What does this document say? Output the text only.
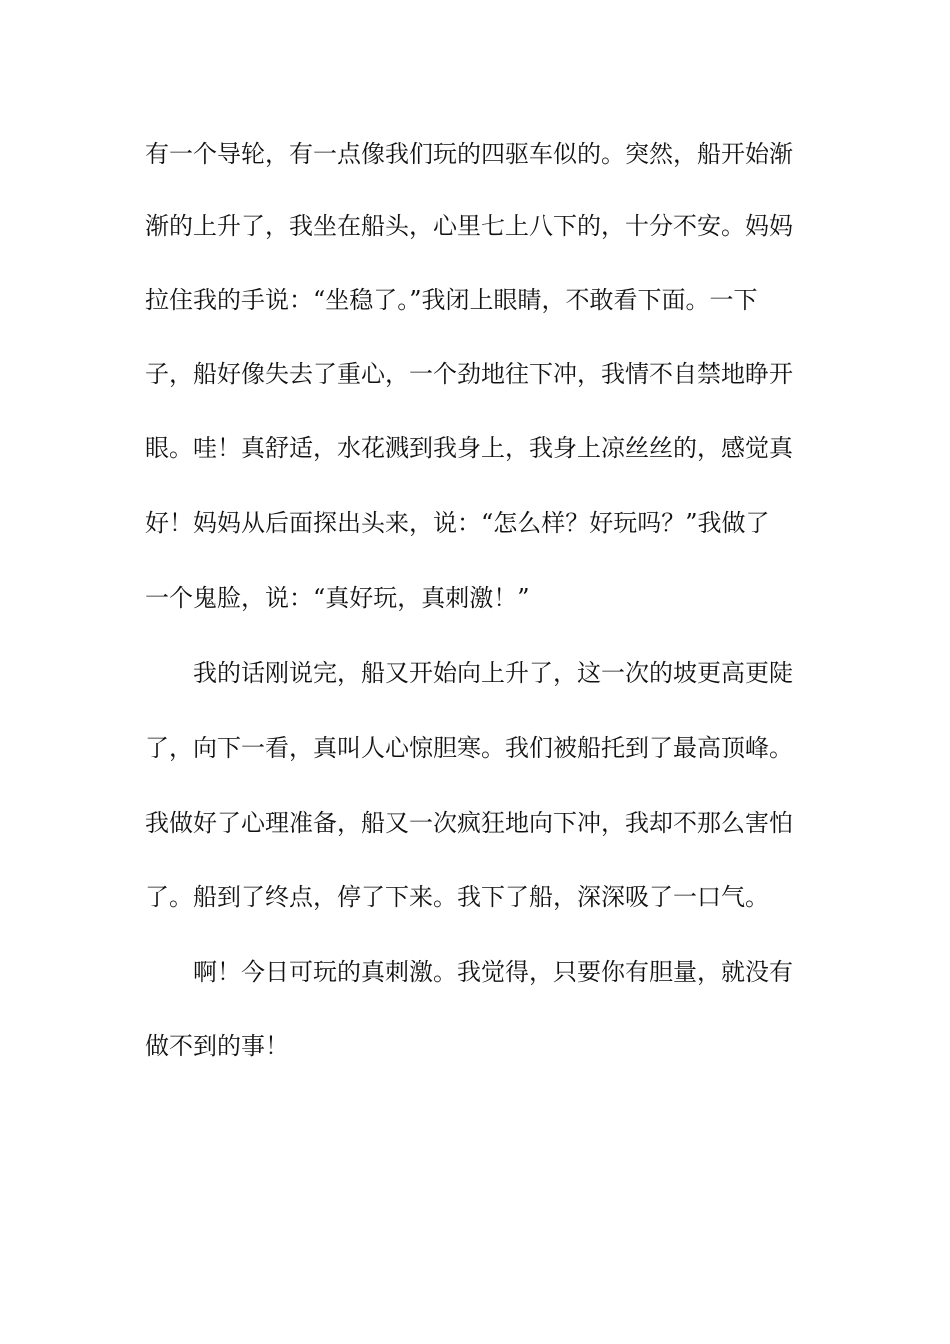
有一个导轮，有一点像我们玩的四驱车似的。突然，船开始渐
渐的上升了，我坐在船头，心里七上八下的，十分不安。妈妈
拉住我的手说：“坐稳了。”我闭上眼睛，不敢看下面。一下
子，船好像失去了重心，一个劲地往下冲，我情不自禁地睁开
眼。哇！真舒适，水花溅到我身上，我身上凉丝丝的，感觉真
好！妈妈从后面探出头来，说：“怎么样？好玩吗？”我做了
一个鬼脸，说：“真好玩，真刺激！”
我的话刚说完，船又开始向上升了，这一次的坡更高更陡
了，向下一看，真叫人心惊胆寒。我们被船托到了最高顶峰。
我做好了心理准备，船又一次疯狂地向下冲，我却不那么害怕
了。船到了终点，停了下来。我下了船，深深吸了一口气。
啊！今日可玩的真刺激。我觉得，只要你有胆量，就没有
做不到的事！
